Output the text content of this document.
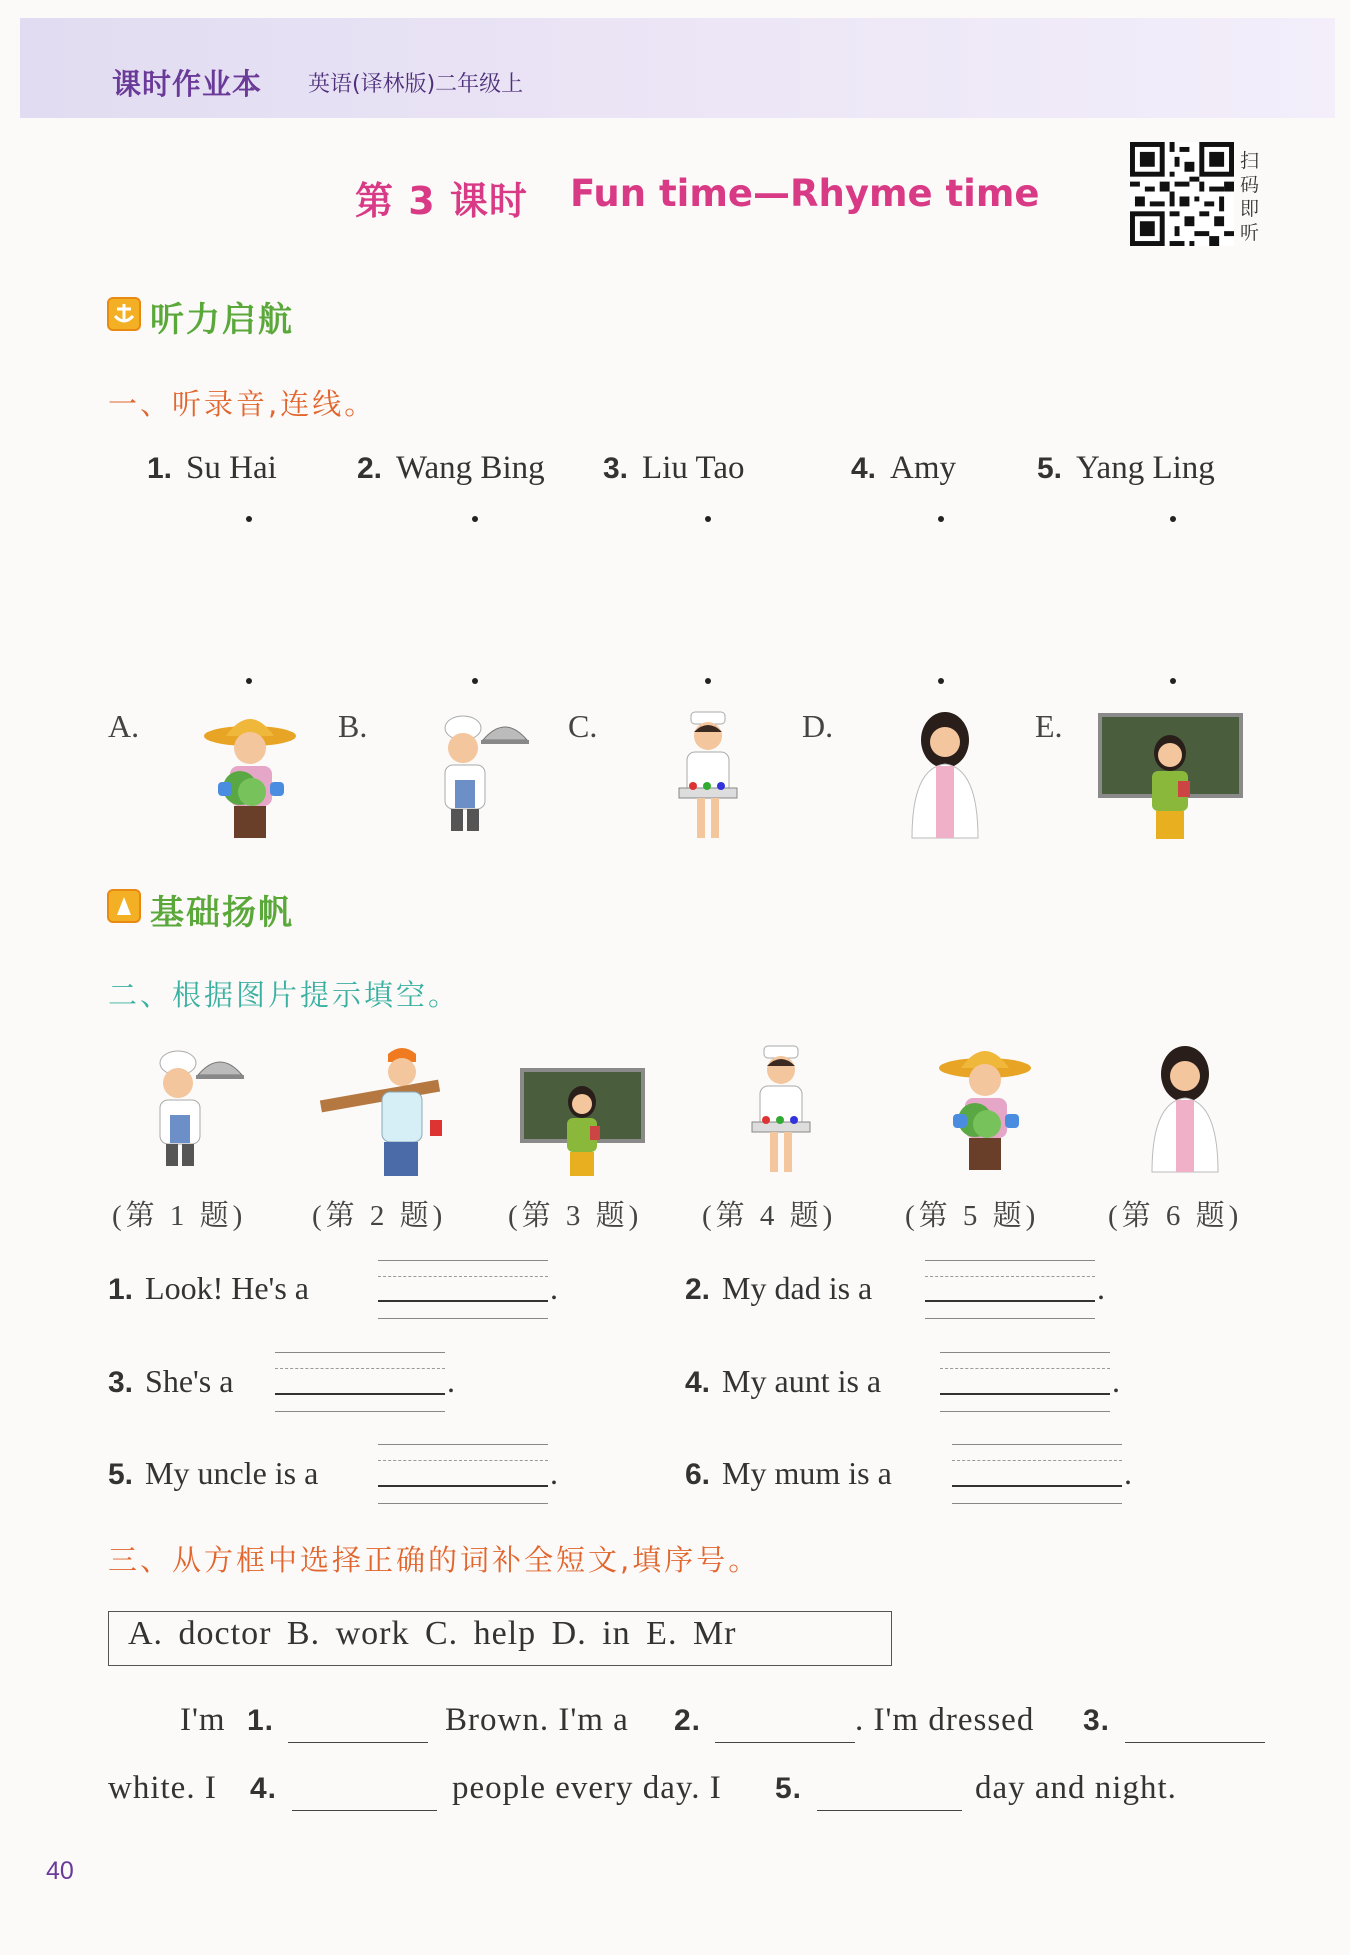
课时作业本 英语(译林版)二年级上
第 3 课时 Fun time—Rhyme time
扫
码
即
听
听力启航
一、听录音,连线。
1. Su Hai	2. Wang Bing 3. Liu Tao	4. Amy	5. Yang Ling
A.	B.	C.	D.	E.
基础扬帆
二、根据图片提示填空。
(第 1 题) (第 2 题) (第 3 题) (第 4 题) (第 5 题) (第 6 题)
1. Look! He's a	.	2. My dad is a	.
3. She's a	.	4. My aunt is a	.
5. My uncle is a	.	6. My mum is a	.
三、从方框中选择正确的词补全短文,填序号。
A. doctor B. work C. help D. in E. Mr
I'm 1.	Brown. I'm a 2.	. I'm dressed 3.
white. I 4.	people every day. I 5.	day and night.
40
